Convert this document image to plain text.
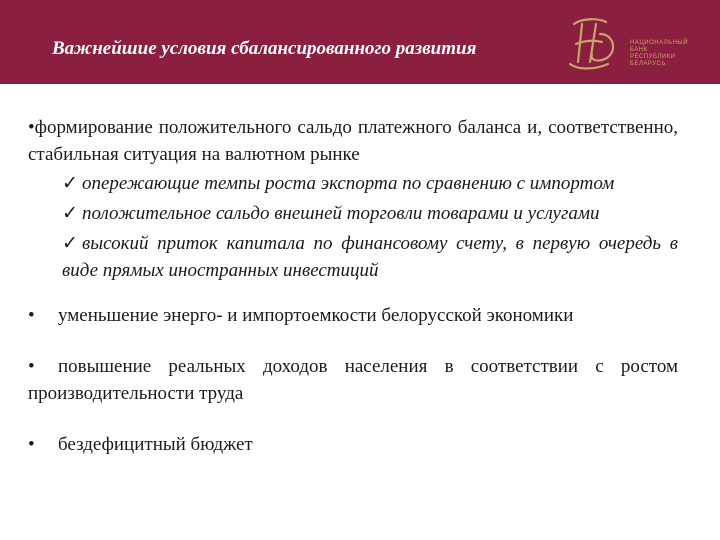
Важнейшие условия сбалансированного развития	НАЦИОНАЛЬНЫЙ
БАНК
РЕСПУБЛИКИ
БЕЛАРУСЬ

•формирование положительного сальдо платежного баланса и, соответственно, стабильная ситуация на валютном рынке

✓ опережающие темпы роста экспорта по сравнению с импортом

✓ положительное сальдо внешней торговли товарами и услугами

✓ высокий приток капитала по финансовому счету, в первую очередь в виде прямых иностранных инвестиций

• уменьшение энерго- и импортоемкости белорусской экономики

• повышение реальных доходов населения в соответствии с ростом производительности труда

• бездефицитный бюджет
